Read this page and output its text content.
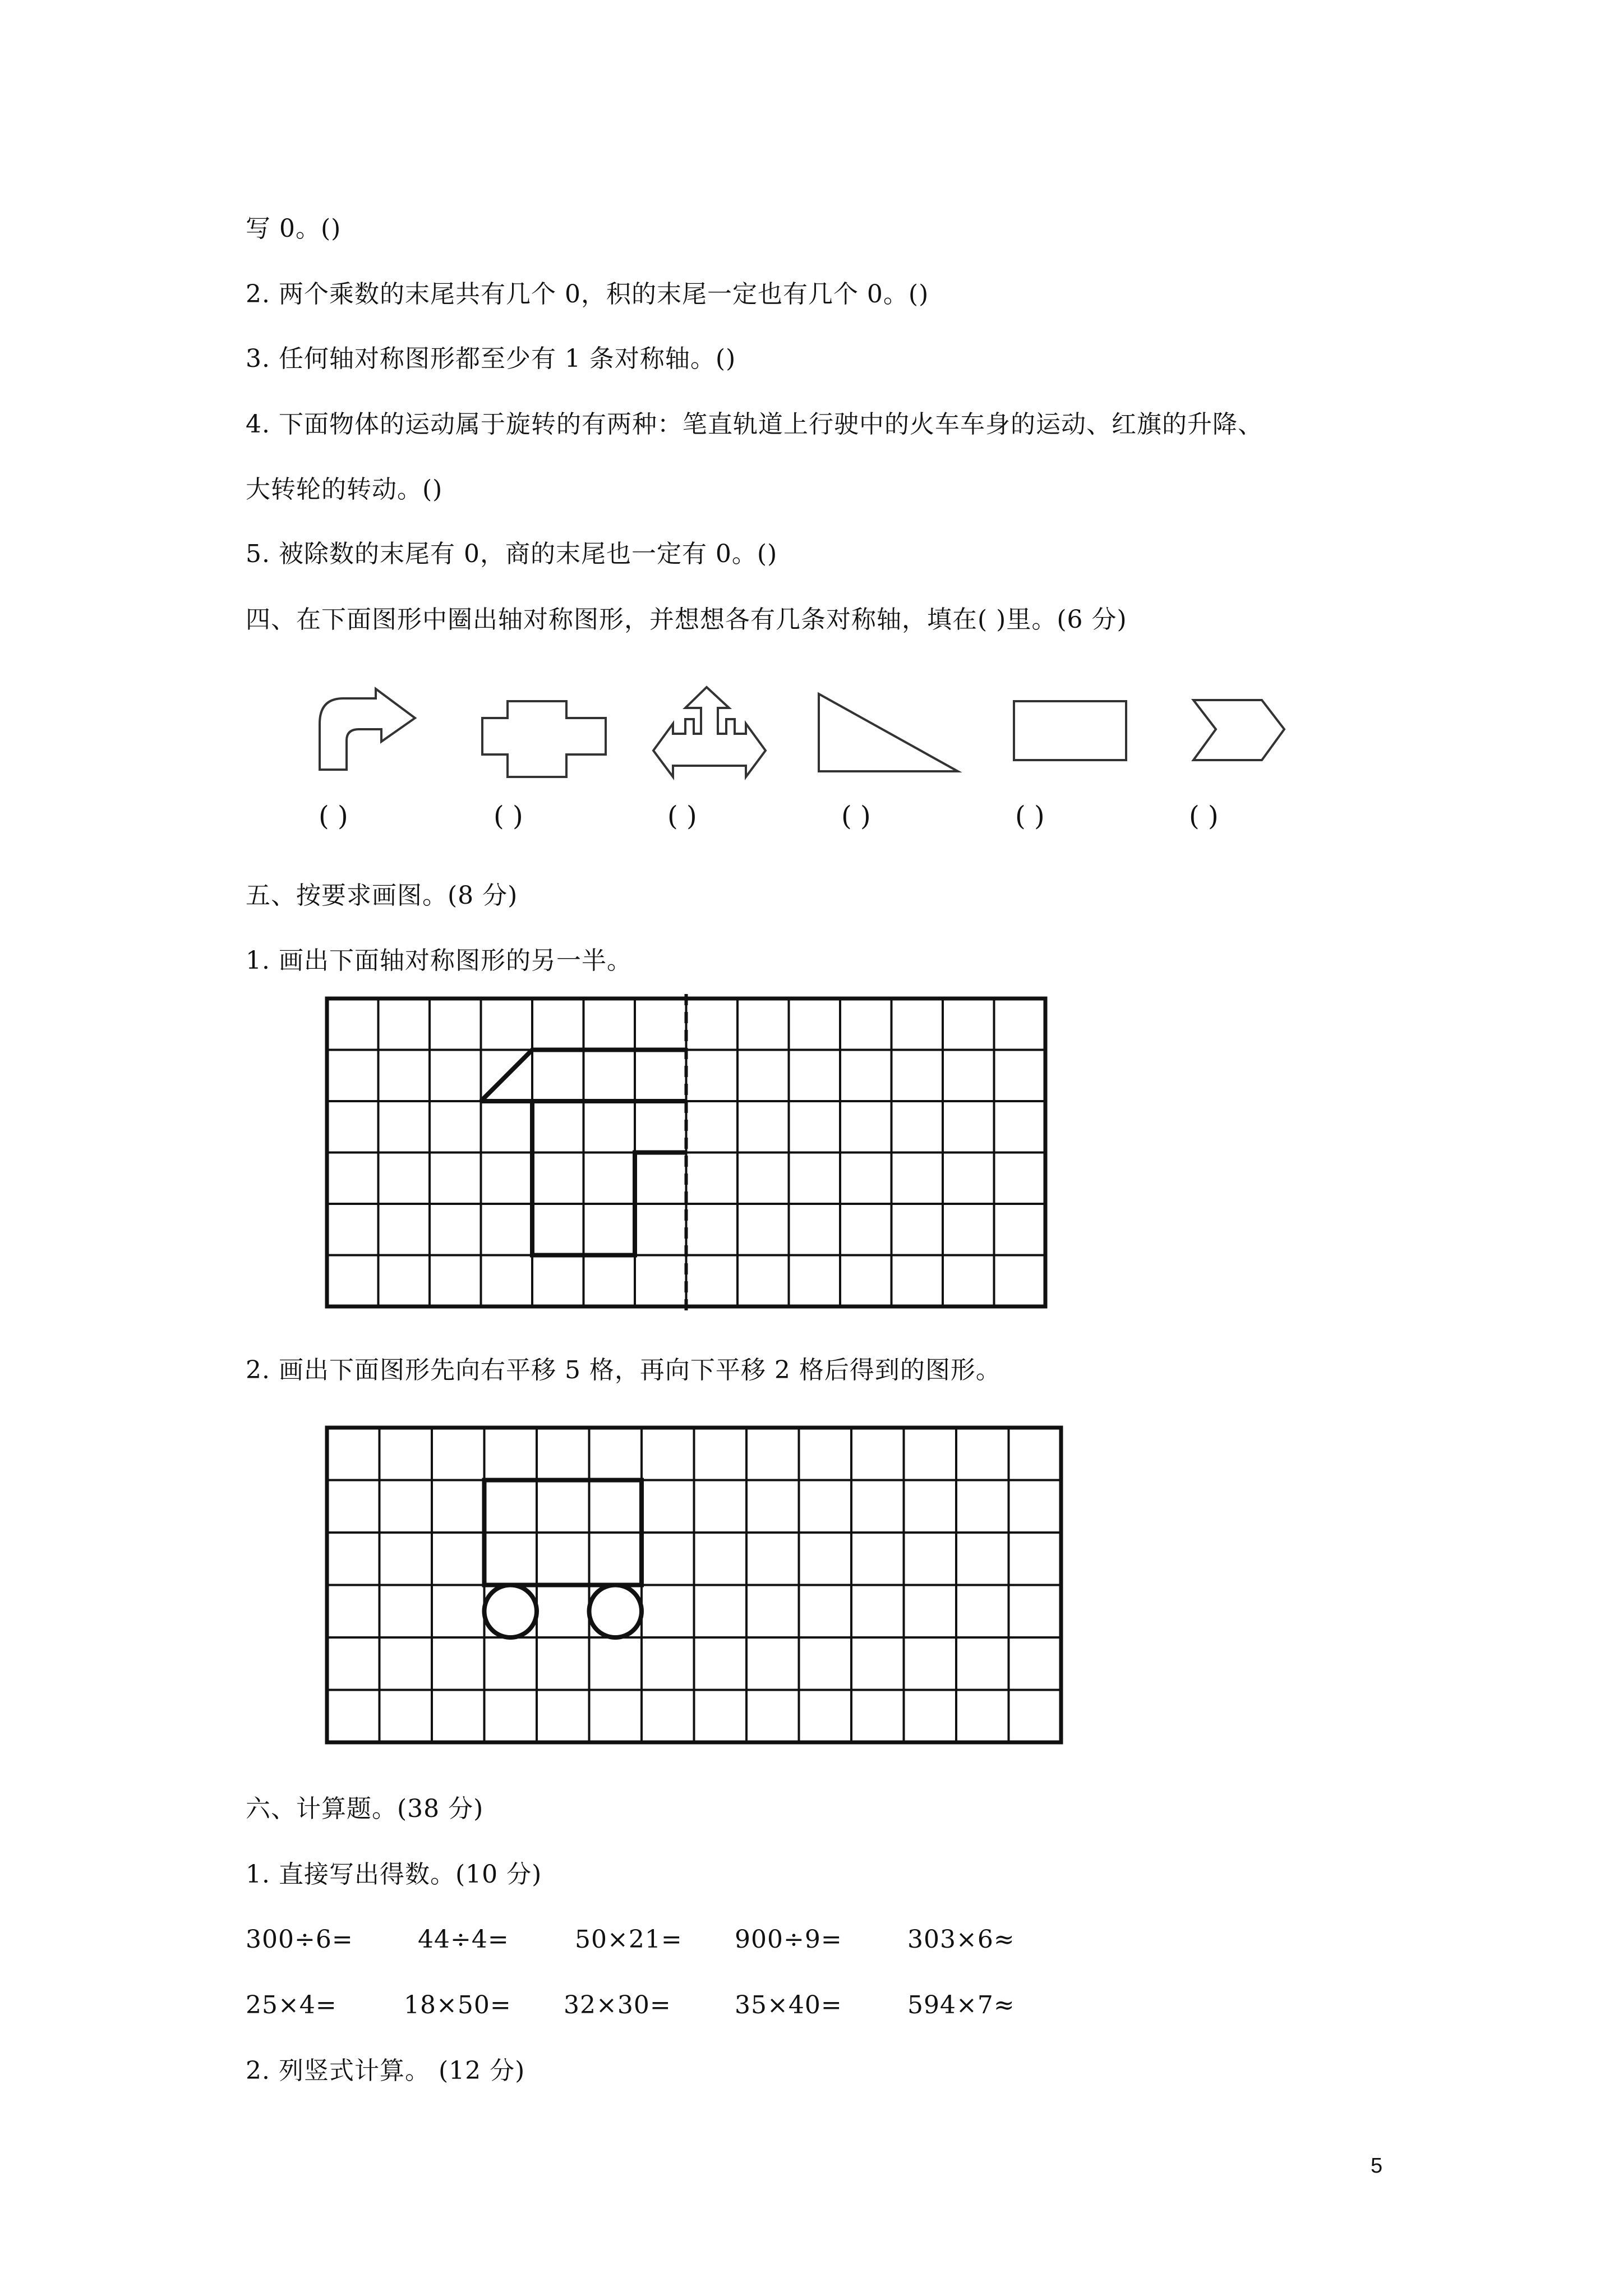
写 0。()
2. 两个乘数的末尾共有几个 0，积的末尾一定也有几个 0。()
3. 任何轴对称图形都至少有 1 条对称轴。()
4. 下面物体的运动属于旋转的有两种：笔直轨道上行驶中的火车车身的运动、红旗的升降、
大转轮的转动。()
5. 被除数的末尾有 0，商的末尾也一定有 0。()
四、在下面图形中圈出轴对称图形，并想想各有几条对称轴，填在( )里。(6 分)
( )	( )	( )	( )	( )	( )
五、按要求画图。(8 分)
1. 画出下面轴对称图形的另一半。
2. 画出下面图形先向右平移 5 格，再向下平移 2 格后得到的图形。
六、计算题。(38 分)
1. 直接写出得数。(10 分)
300÷6=	44÷4=	50×21= 900÷9=	303×6≈
25×4=	18×50= 32×30=	35×40=	594×7≈
2. 列竖式计算。 (12 分)
5
